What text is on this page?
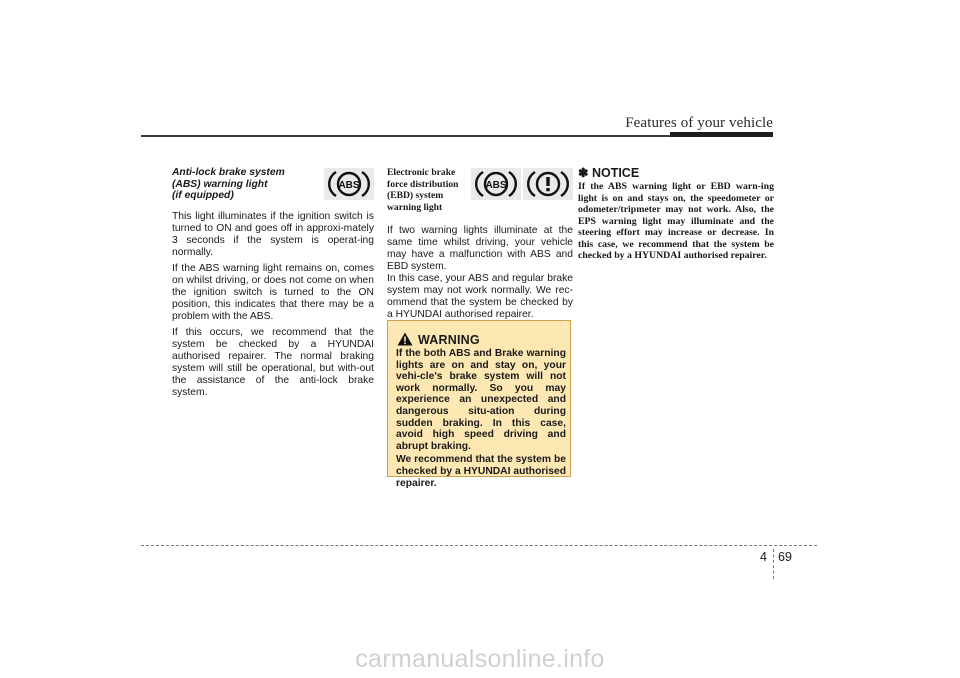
Features of your vehicle
Anti-lock brake system
(ABS) warning light
(if equipped)

This light illuminates if the ignition switch is turned to ON and goes off in approxi-mately 3 seconds if the system is operat-ing normally.

If the ABS warning light remains on, comes on whilst driving, or does not come on when the ignition switch is turned to the ON position, this indicates that there may be a problem with the ABS.

If this occurs, we recommend that the system be checked by a HYUNDAI authorised repairer. The normal braking system will still be operational, but with-out the assistance of the anti-lock brake system.

ABS
Electronic brake
force distribution
(EBD) system
warning light

If two warning lights illuminate at the same time whilst driving, your vehicle may have a malfunction with ABS and EBD system.

In this case, your ABS and regular brake system may not work normally. We rec-ommend that the system be checked by a HYUNDAI authorised repairer.

ABS
WARNING

If the both ABS and Brake warning lights are on and stay on, your vehi-cle's brake system will not work normally. So you may experience an unexpected and dangerous situ-ation during sudden braking. In this case, avoid high speed driving and abrupt braking.

We recommend that the system be checked by a HYUNDAI authorised repairer.

✽ NOTICE
If the ABS warning light or EBD warn-ing light is on and stays on, the speedometer or odometer/tripmeter may not work. Also, the EPS warning light may illuminate and the steering effort may increase or decrease. In this case, we recommend that the system be checked by a HYUNDAI authorised repairer.
4 69
carmanualsonline.info
